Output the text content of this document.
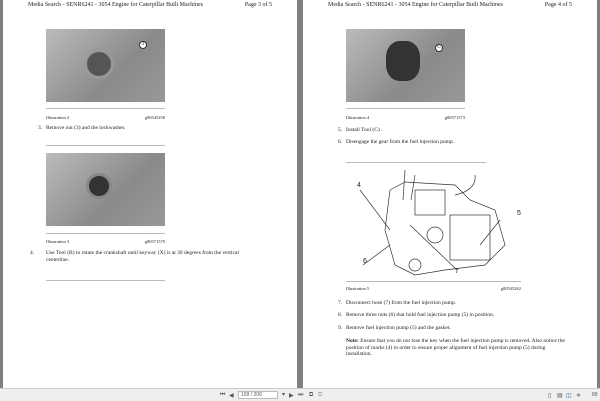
Media Search - SENR6241 - 3054 Engine for Caterpillar Built Machines	Page 3 of 5
3
Illustration 2	g00545258
3. Remove nut (3) and the lockwasher.
Illustration 3	g00571570
4. Use Tool (B) to rotate the crankshaft until keyway (X) is at 30 degrees from the vertical centerline.
Media Search - SENR6241 - 3054 Engine for Caterpillar Built Machines	Page 4 of 5
C
Illustration 4	g00571573
5. Install Tool (C) .
6. Disengage the gear from the fuel injection pump.
4
5
6
7
Illustration 5	g00545262
7. Disconnect hose (7) from the fuel injection pump.
8. Remove three nuts (6) that hold fuel injection pump (5) in position.
9. Remove fuel injection pump (5) and the gasket.
Note: Ensure that you do not lose the key when the fuel injection pump is removed. Also notice the position of marks (4) in order to ensure proper alignment of fuel injection pump (5) during installation.
⏮ ◀	109 / 206	▾ ▶ ⏭ ⧉ ⧉	▯ ▤ ◫ ≑ 89
